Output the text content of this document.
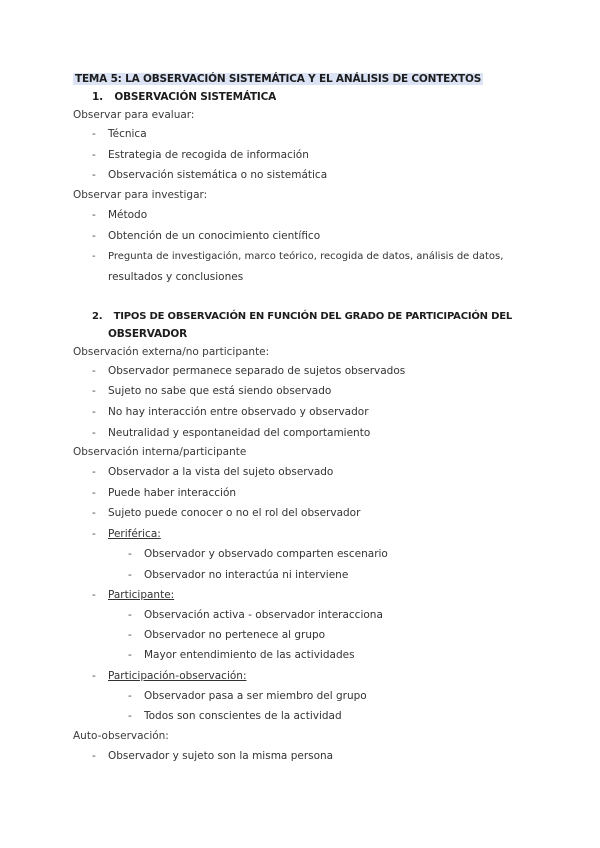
TEMA 5: LA OBSERVACIÓN SISTEMÁTICA Y EL ANÁLISIS DE CONTEXTOS
1. OBSERVACIÓN SISTEMÁTICA
Observar para evaluar:
- Técnica
- Estrategia de recogida de información
- Observación sistemática o no sistemática
Observar para investigar:
- Método
- Obtención de un conocimiento científico
- Pregunta de investigación, marco teórico, recogida de datos, análisis de datos,
resultados y conclusiones
2. TIPOS DE OBSERVACIÓN EN FUNCIÓN DEL GRADO DE PARTICIPACIÓN DEL
OBSERVADOR
Observación externa/no participante:
- Observador permanece separado de sujetos observados
- Sujeto no sabe que está siendo observado
- No hay interacción entre observado y observador
- Neutralidad y espontaneidad del comportamiento
Observación interna/participante
- Observador a la vista del sujeto observado
- Puede haber interacción
- Sujeto puede conocer o no el rol del observador
- Periférica:
- Observador y observado comparten escenario
- Observador no interactúa ni interviene
- Participante:
- Observación activa - observador interacciona
- Observador no pertenece al grupo
- Mayor entendimiento de las actividades
- Participación-observación:
- Observador pasa a ser miembro del grupo
- Todos son conscientes de la actividad
Auto-observación:
- Observador y sujeto son la misma persona
